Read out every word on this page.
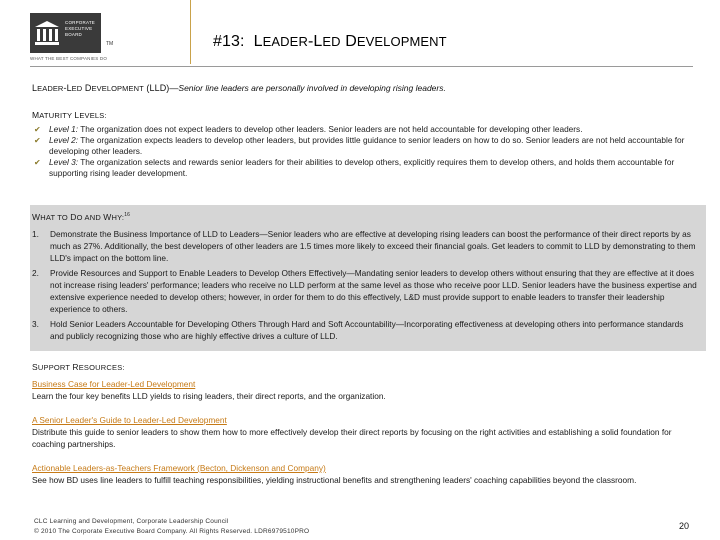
CORPORATE
EXECUTIVE
BOARD
TM
WHAT THE BEST COMPANIES DO
#13: LEADER-LED DEVELOPMENT
LEADER-LED DEVELOPMENT (LLD)—Senior line leaders are personally involved in developing rising leaders.
MATURITY LEVELS:
✔ Level 1: The organization does not expect leaders to develop other leaders. Senior leaders are not held accountable for developing other leaders.
✔ Level 2: The organization expects leaders to develop other leaders, but provides little guidance to senior leaders on how to do so. Senior leaders are not held accountable for developing other leaders.
✔ Level 3: The organization selects and rewards senior leaders for their abilities to develop others, explicitly requires them to develop others, and holds them accountable for supporting rising leader development.
WHAT TO DO AND WHY:$^{16}$
1. Demonstrate the Business Importance of LLD to Leaders—Senior leaders who are effective at developing rising leaders can boost the performance of their direct reports by as much as 27%. Additionally, the best developers of other leaders are 1.5 times more likely to exceed their financial goals. Get leaders to commit to LLD by demonstrating to them LLD's impact on the bottom line.
2. Provide Resources and Support to Enable Leaders to Develop Others Effectively—Mandating senior leaders to develop others without ensuring that they are effective at it does not increase rising leaders' performance; leaders who receive no LLD perform at the same level as those who receive poor LLD. Senior leaders have the business expertise and extensive experience needed to develop others; however, in order for them to do this effectively, L&D must provide support to enable leaders to transfer their leadership experience to others.
3. Hold Senior Leaders Accountable for Developing Others Through Hard and Soft Accountability—Incorporating effectiveness at developing others into performance standards and publicly recognizing those who are highly effective drives a culture of LLD.
SUPPORT RESOURCES:
Business Case for Leader-Led Development
Learn the four key benefits LLD yields to rising leaders, their direct reports, and the organization.
A Senior Leader's Guide to Leader-Led Development
Distribute this guide to senior leaders to show them how to more effectively develop their direct reports by focusing on the right activities and establishing a solid foundation for coaching partnerships.
Actionable Leaders-as-Teachers Framework (Becton, Dickenson and Company)
See how BD uses line leaders to fulfill teaching responsibilities, yielding instructional benefits and strengthening leaders' coaching capabilities beyond the classroom.
CLC Learning and Development, Corporate Leadership Council
© 2010 The Corporate Executive Board Company. All Rights Reserved. LDR6979510PRO
20
